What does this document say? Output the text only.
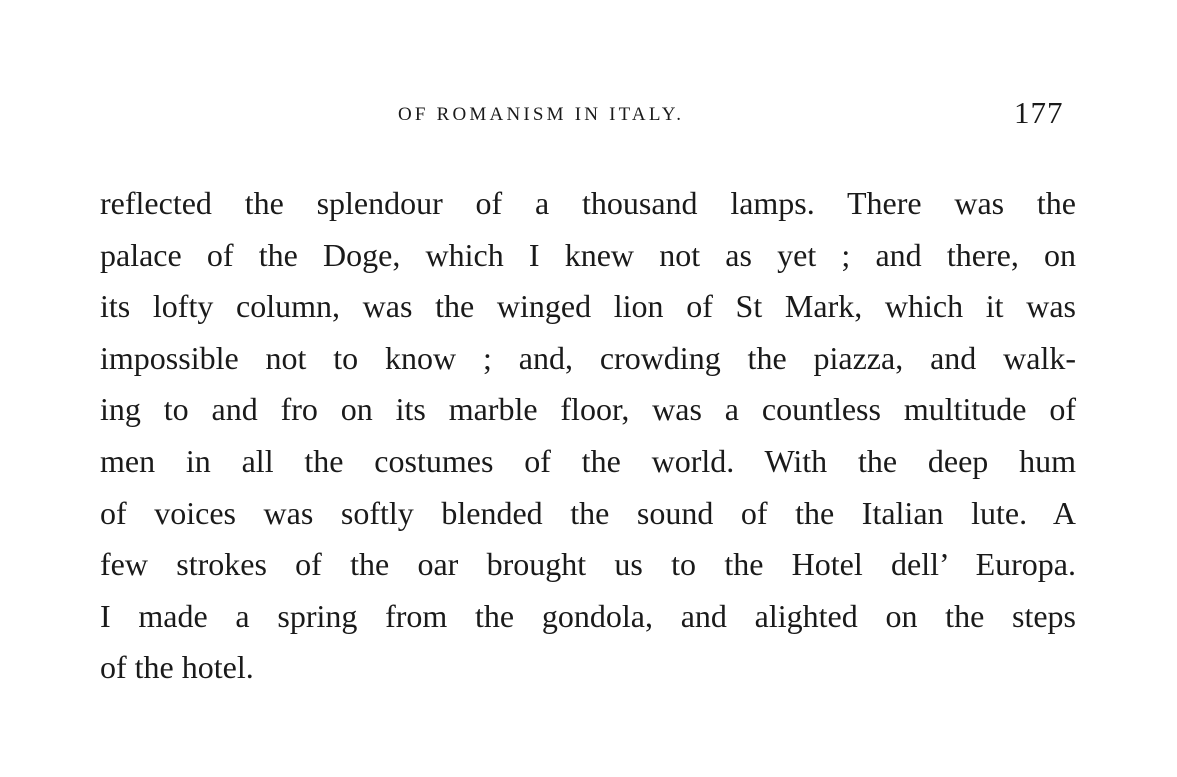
OF ROMANISM IN ITALY.	177
reflected the splendour of a thousand lamps. There was the
palace of the Doge, which I knew not as yet ; and there, on
its lofty column, was the winged lion of St Mark, which it was
impossible not to know ; and, crowding the piazza, and walk-
ing to and fro on its marble floor, was a countless multitude of
men in all the costumes of the world. With the deep hum
of voices was softly blended the sound of the Italian lute. A
few strokes of the oar brought us to the Hotel dell’ Europa.
I made a spring from the gondola, and alighted on the steps
of the hotel.
